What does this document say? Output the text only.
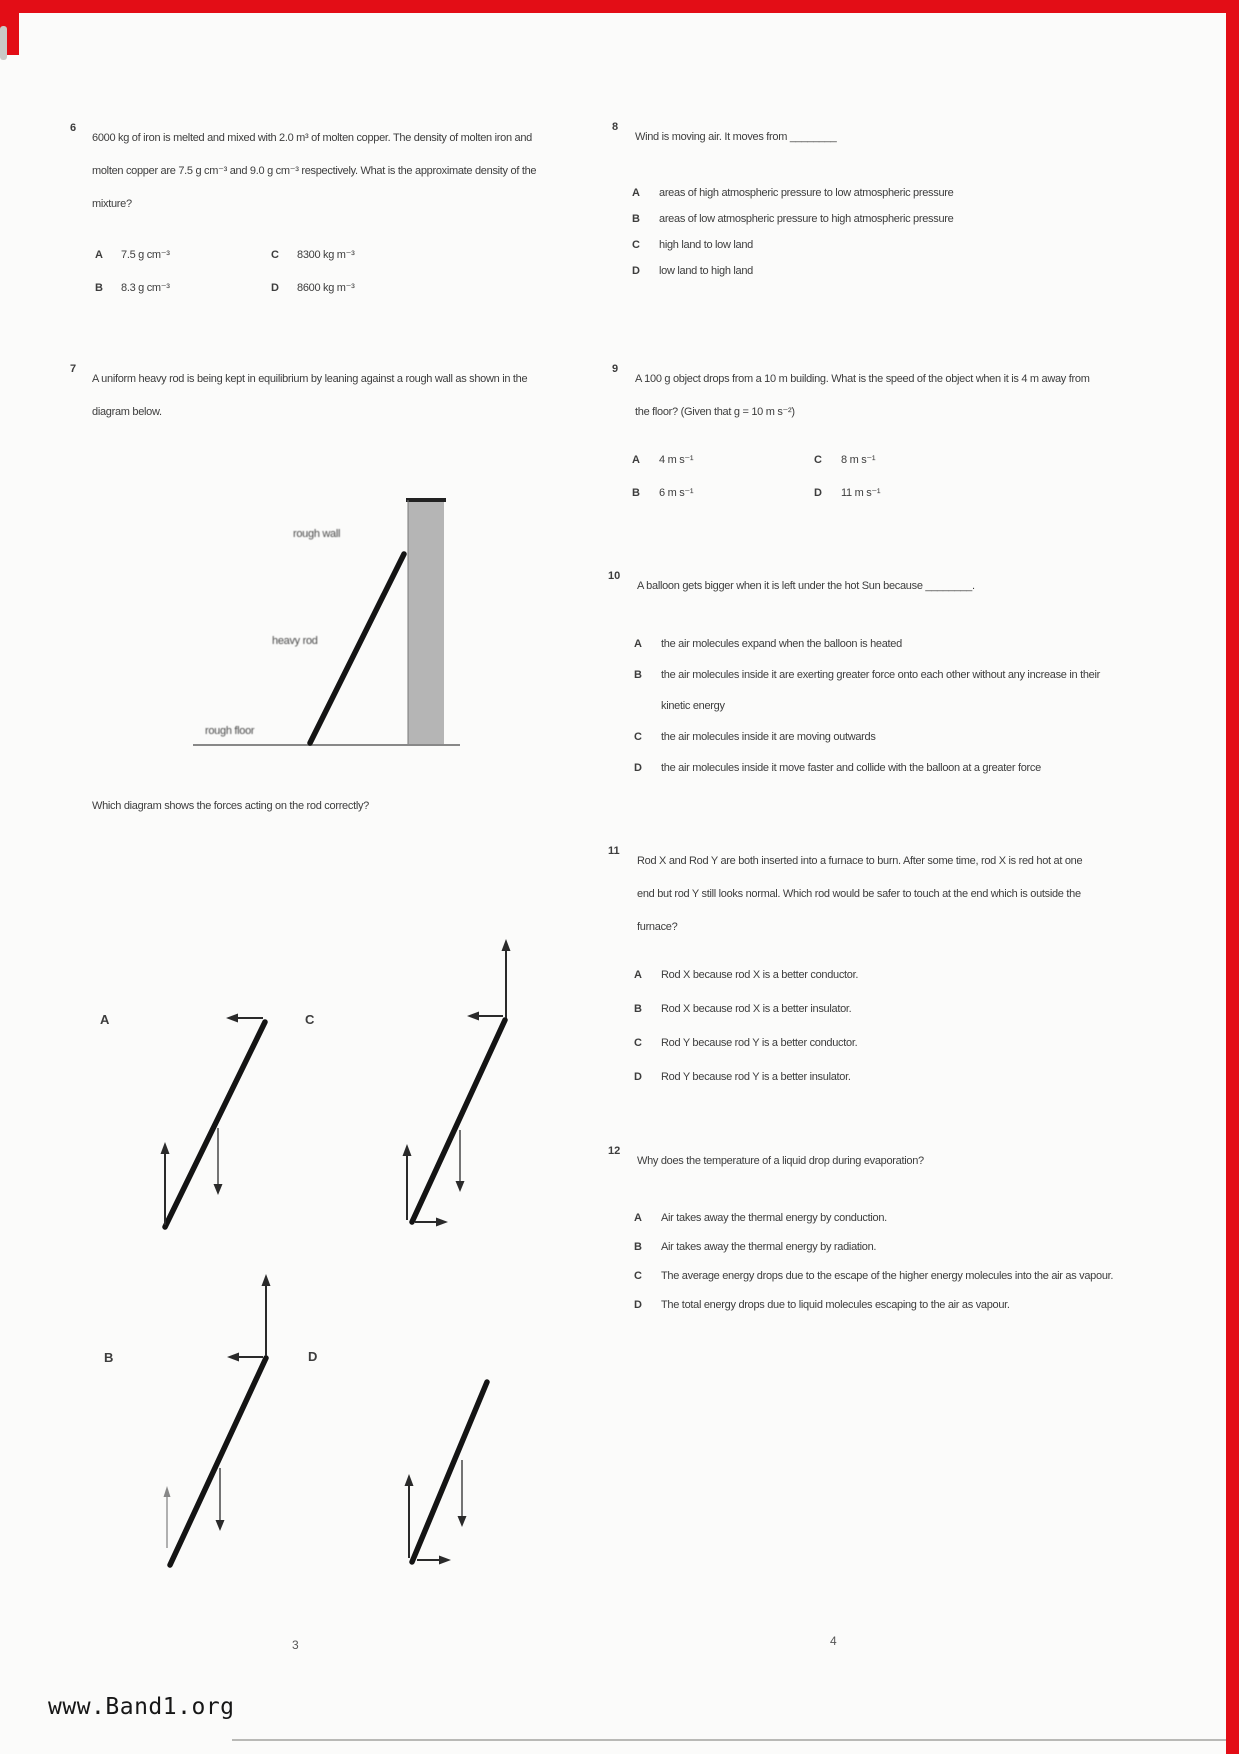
6
6000 kg of iron is melted and mixed with 2.0 m³ of molten copper. The density of molten iron and molten copper are 7.5 g cm⁻³ and 9.0 g cm⁻³ respectively. What is the approximate density of the mixture?
A	7.5 g cm⁻³	C	8300 kg m⁻³
B	8.3 g cm⁻³	D	8600 kg m⁻³
7
A uniform heavy rod is being kept in equilibrium by leaning against a rough wall as shown in the diagram below.
rough wall
heavy rod
rough floor
Which diagram shows the forces acting on the rod correctly?
A	C
B	D
3
8
Wind is moving air. It moves from ________
A	areas of high atmospheric pressure to low atmospheric pressure
B	areas of low atmospheric pressure to high atmospheric pressure
C	high land to low land
D	low land to high land
9
A 100 g object drops from a 10 m building. What is the speed of the object when it is 4 m away from the floor? (Given that g = 10 m s⁻²)
A	4 m s⁻¹	C	8 m s⁻¹
B	6 m s⁻¹	D	11 m s⁻¹
10
A balloon gets bigger when it is left under the hot Sun because ________.
A	the air molecules expand when the balloon is heated
B	the air molecules inside it are exerting greater force onto each other without any increase in their kinetic energy
C	the air molecules inside it are moving outwards
D	the air molecules inside it move faster and collide with the balloon at a greater force
11
Rod X and Rod Y are both inserted into a furnace to burn. After some time, rod X is red hot at one end but rod Y still looks normal. Which rod would be safer to touch at the end which is outside the furnace?
A	Rod X because rod X is a better conductor.
B	Rod X because rod X is a better insulator.
C	Rod Y because rod Y is a better conductor.
D	Rod Y because rod Y is a better insulator.
12
Why does the temperature of a liquid drop during evaporation?
A	Air takes away the thermal energy by conduction.
B	Air takes away the thermal energy by radiation.
C	The average energy drops due to the escape of the higher energy molecules into the air as vapour.
D	The total energy drops due to liquid molecules escaping to the air as vapour.
4
www.Band1.org
